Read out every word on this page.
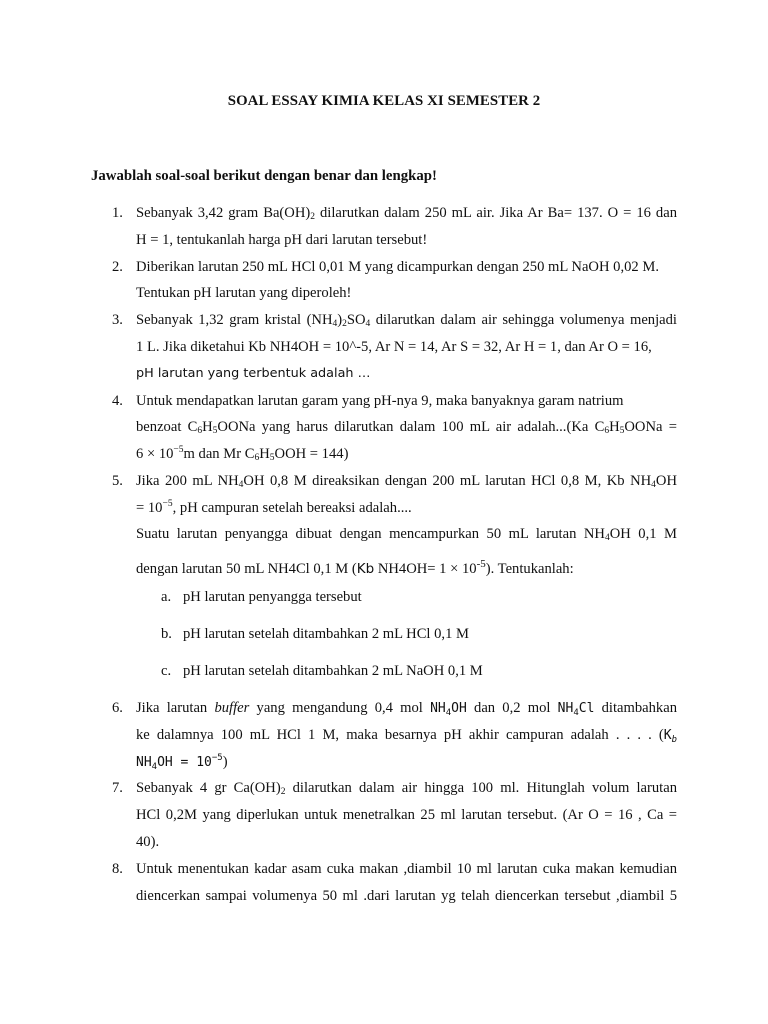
SOAL ESSAY KIMIA KELAS XI SEMESTER 2
Jawablah soal-soal berikut dengan benar dan lengkap!
1. Sebanyak 3,42 gram $Ba(OH)_2$ dilarutkan dalam 250 mL air. Jika Ar Ba= 137. O = 16 dan
H = 1, tentukanlah harga pH dari larutan tersebut!
2. Diberikan larutan 250 mL HCl 0,01 M yang dicampurkan dengan 250 mL NaOH 0,02 M.
Tentukan pH larutan yang diperoleh!
3. Sebanyak 1,32 gram kristal $(NH_4)_2SO_4$ dilarutkan dalam air sehingga volumenya menjadi
1 L. Jika diketahui Kb NH4OH = 10^-5, Ar N = 14, Ar S = 32, Ar H = 1, dan Ar O = 16,
pH larutan yang terbentuk adalah …
4. Untuk mendapatkan larutan garam yang pH-nya 9, maka banyaknya garam natrium
benzoat $C_6H_5OONa$ yang harus dilarutkan dalam 100 mL air adalah...(Ka $C_6H_5OONa$ =
$6 \times 10^{-5}m$ dan Mr $C_6H_5OOH = 144$)
5. Jika 200 mL $NH_4OH$ 0,8 M direaksikan dengan 200 mL larutan HCl 0,8 M, Kb $NH_4OH$
= $10^{-5}$, pH campuran setelah bereaksi adalah....
Suatu larutan penyangga dibuat dengan mencampurkan 50 mL larutan $NH_4OH$ 0,1 M
dengan larutan 50 mL NH4Cl 0,1 M (Kb $NH4OH= 1 \times 10^{-5}$). Tentukanlah:
a. pH larutan penyangga tersebut
b. pH larutan setelah ditambahkan 2 mL HCl 0,1 M
c. pH larutan setelah ditambahkan 2 mL NaOH 0,1 M
6. Jika larutan buffer yang mengandung 0,4 mol $NH_4OH$ dan 0,2 mol $NH_4Cl$ ditambahkan
ke dalamnya 100 mL HCl 1 M, maka besarnya pH akhir campuran adalah . . . . ($K_b$
$NH_4OH = 10^{-5}$)
7. Sebanyak 4 gr $Ca(OH)_2$ dilarutkan dalam air hingga 100 ml. Hitunglah volum larutan
HCl 0,2M yang diperlukan untuk menetralkan 25 ml larutan tersebut. (Ar O = 16 , Ca =
40).
8. Untuk menentukan kadar asam cuka makan ,diambil 10 ml larutan cuka makan kemudian
diencerkan sampai volumenya 50 ml .dari larutan yg telah diencerkan tersebut ,diambil 5
